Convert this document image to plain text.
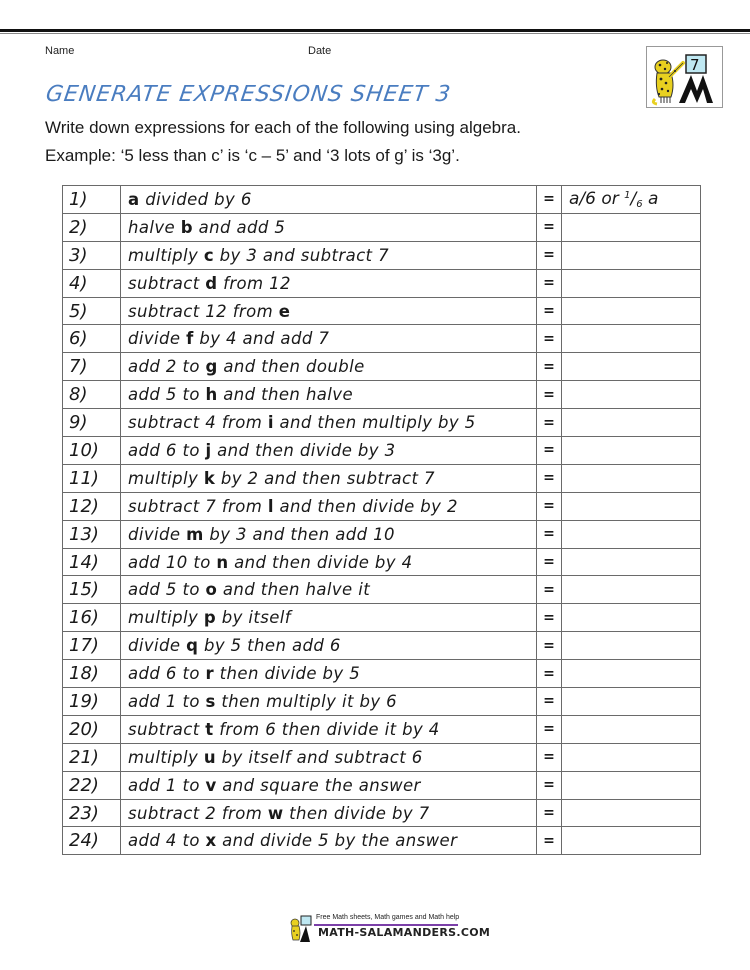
Name	Date
7
GENERATE EXPRESSIONS SHEET 3
Write down expressions for each of the following using algebra.
Example: ‘5 less than c’ is ‘c – 5’ and ‘3 lots of g’ is ‘3g’.
1)	a divided by 6	=	a/6 or $^1$/6 a
2)	halve b and add 5	=	
3)	multiply c by 3 and subtract 7	=	
4)	subtract d from 12	=	
5)	subtract 12 from e	=	
6)	divide f by 4 and add 7	=	
7)	add 2 to g and then double	=	
8)	add 5 to h and then halve	=	
9)	subtract 4 from i and then multiply by 5	=	
10)	add 6 to j and then divide by 3	=	
11)	multiply k by 2 and then subtract 7	=	
12)	subtract 7 from l and then divide by 2	=	
13)	divide m by 3 and then add 10	=	
14)	add 10 to n and then divide by 4	=	
15)	add 5 to o and then halve it	=	
16)	multiply p by itself	=	
17)	divide q by 5 then add 6	=	
18)	add 6 to r then divide by 5	=	
19)	add 1 to s then multiply it by 6	=	
20)	subtract t from 6 then divide it by 4	=	
21)	multiply u by itself and subtract 6	=	
22)	add 1 to v and square the answer	=	
23)	subtract 2 from w then divide by 7	=	
24)	add 4 to x and divide 5 by the answer	=	
Free Math sheets, Math games and Math help
MATH-SALAMANDERS.COM
